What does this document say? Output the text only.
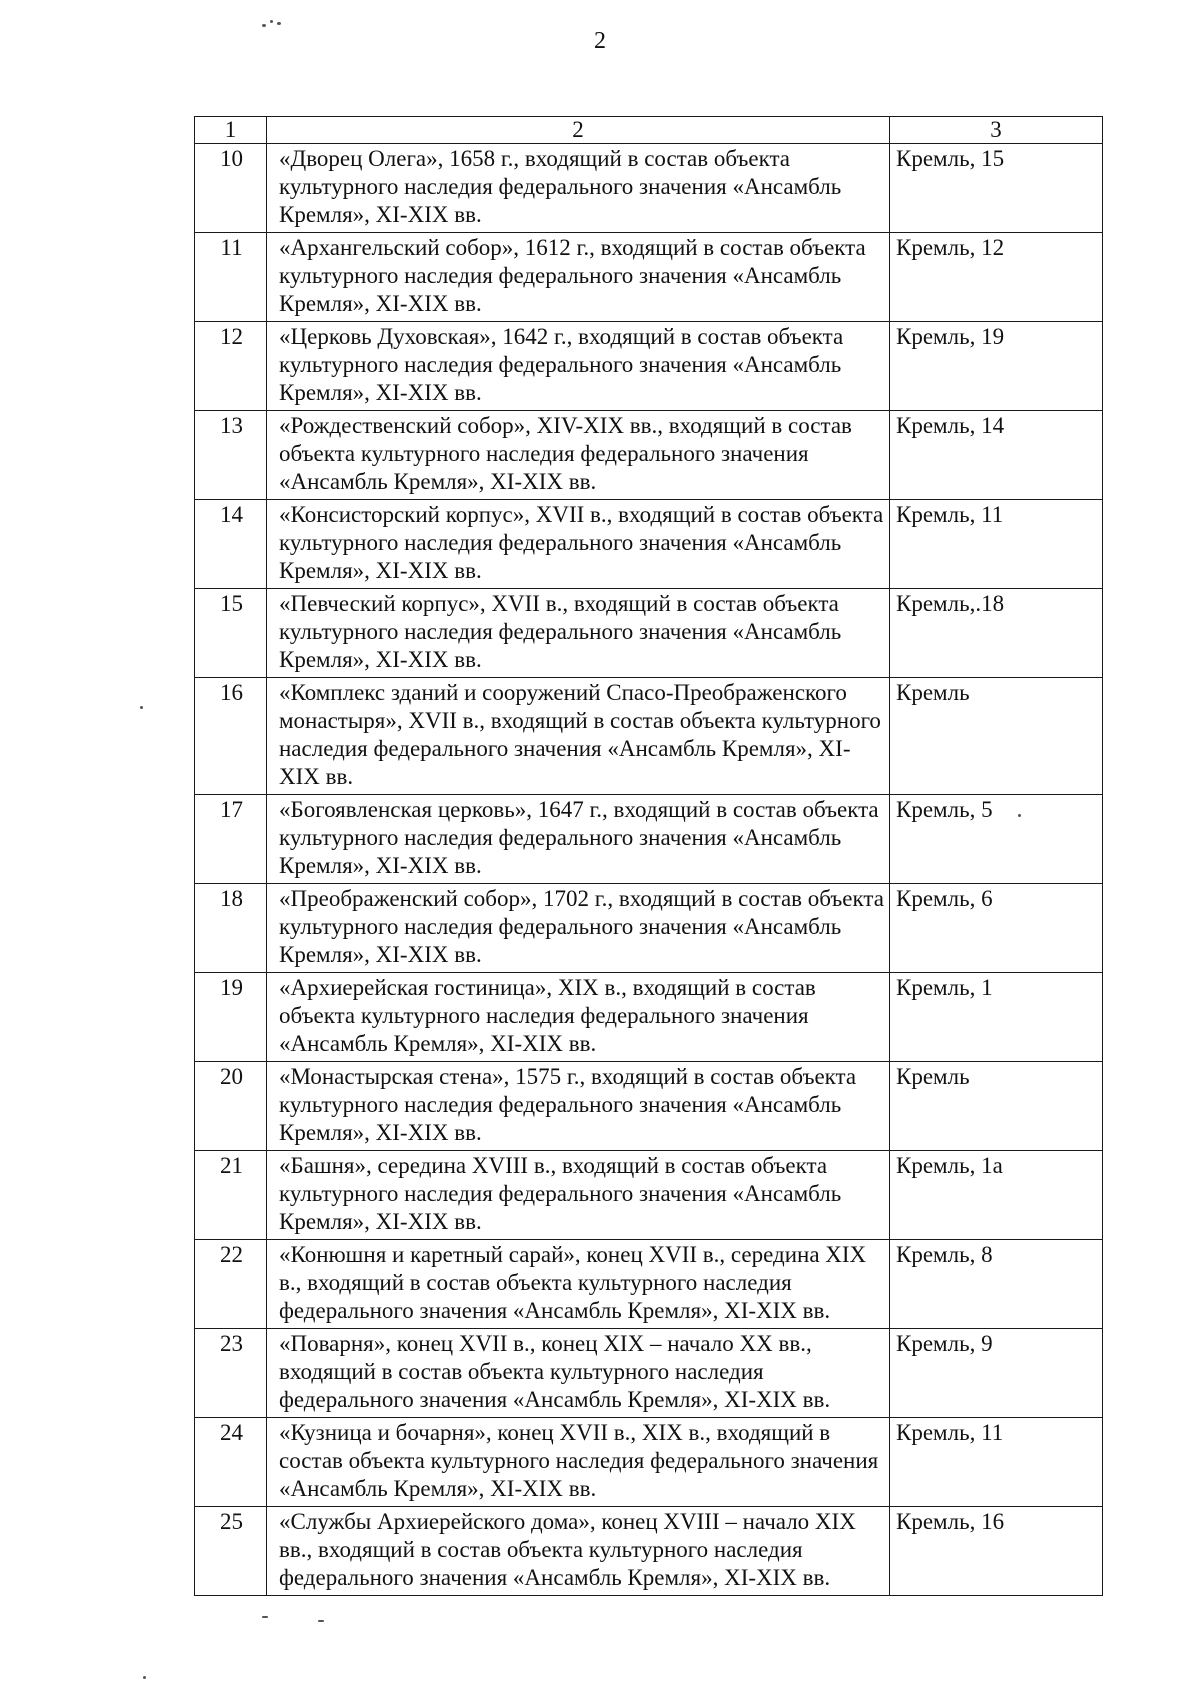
2
1	2	3
10	«Дворец Олега», 1658 г., входящий в состав объекта культурного наследия федерального значения «Ансамбль Кремля», XI-XIX вв.	Кремль, 15
11	«Архангельский собор», 1612 г., входящий в состав объекта культурного наследия федерального значения «Ансамбль Кремля», XI-XIX вв.	Кремль, 12
12	«Церковь Духовская», 1642 г., входящий в состав объекта культурного наследия федерального значения «Ансамбль Кремля», XI-XIX вв.	Кремль, 19
13	«Рождественский собор», XIV-XIX вв., входящий в состав объекта культурного наследия федерального значения «Ансамбль Кремля», XI-XIX вв.	Кремль, 14
14	«Консисторский корпус», XVII в., входящий в состав объекта культурного наследия федерального значения «Ансамбль Кремля», XI-XIX вв.	Кремль, 11
15	«Певческий корпус», XVII в., входящий в состав объекта культурного наследия федерального значения «Ансамбль Кремля», XI-XIX вв.	Кремль,.18
16	«Комплекс зданий и сооружений Спасо-Преображенского монастыря», XVII в., входящий в состав объекта культурного наследия федерального значения «Ансамбль Кремля», XI-XIX вв.	Кремль
17	«Богоявленская церковь», 1647 г., входящий в состав объекта культурного наследия федерального значения «Ансамбль Кремля», XI-XIX вв.	Кремль, 5
18	«Преображенский собор», 1702 г., входящий в состав объекта культурного наследия федерального значения «Ансамбль Кремля», XI-XIX вв.	Кремль, 6
19	«Архиерейская гостиница», XIX в., входящий в состав объекта культурного наследия федерального значения «Ансамбль Кремля», XI-XIX вв.	Кремль, 1
20	«Монастырская стена», 1575 г., входящий в состав объекта культурного наследия федерального значения «Ансамбль Кремля», XI-XIX вв.	Кремль
21	«Башня», середина XVIII в., входящий в состав объекта культурного наследия федерального значения «Ансамбль Кремля», XI-XIX вв.	Кремль, 1а
22	«Конюшня и каретный сарай», конец XVII в., середина XIX в., входящий в состав объекта культурного наследия федерального значения «Ансамбль Кремля», XI-XIX вв.	Кремль, 8
23	«Поварня», конец XVII в., конец XIX – начало XX вв., входящий в состав объекта культурного наследия федерального значения «Ансамбль Кремля», XI-XIX вв.	Кремль, 9
24	«Кузница и бочарня», конец XVII в., XIX в., входящий в состав объекта культурного наследия федерального значения «Ансамбль Кремля», XI-XIX вв.	Кремль, 11
25	«Службы Архиерейского дома», конец XVIII – начало XIX вв., входящий в состав объекта культурного наследия федерального значения «Ансамбль Кремля», XI-XIX вв.	Кремль, 16
